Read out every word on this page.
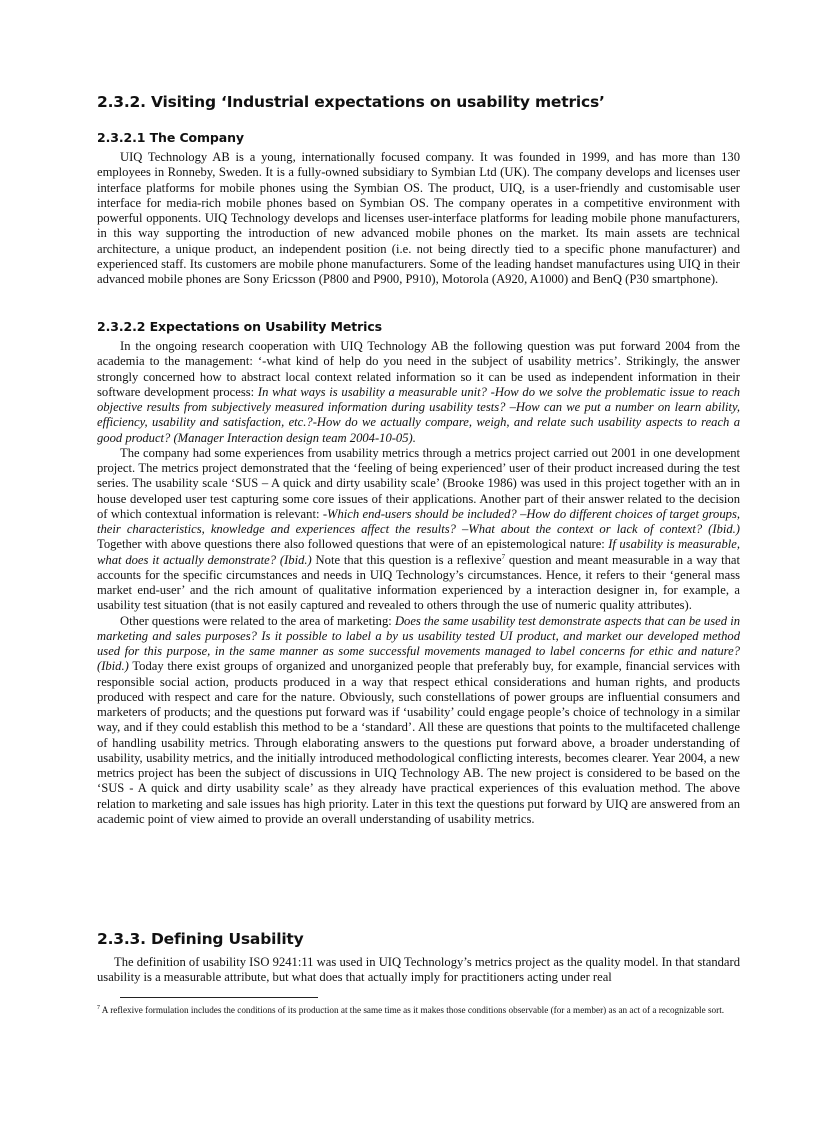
2.3.2. Visiting ‘Industrial expectations on usability metrics’
2.3.2.1 The Company

UIQ Technology AB is a young, internationally focused company. It was founded in 1999, and has more than 130 employees in Ronneby, Sweden. It is a fully-owned subsidiary to Symbian Ltd (UK). The company develops and licenses user interface platforms for mobile phones using the Symbian OS. The product, UIQ, is a user-friendly and customisable user interface for media-rich mobile phones based on Symbian OS. The company operates in a competitive environment with powerful opponents. UIQ Technology develops and licenses user-interface platforms for leading mobile phone manufacturers, in this way supporting the introduction of new advanced mobile phones on the market. Its main assets are technical architecture, a unique product, an independent position (i.e. not being directly tied to a specific phone manufacturer) and experienced staff. Its customers are mobile phone manufacturers. Some of the leading handset manufactures using UIQ in their advanced mobile phones are Sony Ericsson (P800 and P900, P910), Motorola (A920, A1000) and BenQ (P30 smartphone).

2.3.2.2 Expectations on Usability Metrics

In the ongoing research cooperation with UIQ Technology AB the following question was put forward 2004 from the academia to the management: ‘-what kind of help do you need in the subject of usability metrics’. Strikingly, the answer strongly concerned how to abstract local context related information so it can be used as independent information in their software development process: In what ways is usability a measurable unit? -How do we solve the problematic issue to reach objective results from subjectively measured information during usability tests? –How can we put a number on learn ability, efficiency, usability and satisfaction, etc.?-How do we actually compare, weigh, and relate such usability aspects to reach a good product? (Manager Interaction design team 2004-10-05).

The company had some experiences from usability metrics through a metrics project carried out 2001 in one development project. The metrics project demonstrated that the ‘feeling of being experienced’ user of their product increased during the test series. The usability scale ‘SUS – A quick and dirty usability scale’ (Brooke 1986) was used in this project together with an in house developed user test capturing some core issues of their applications. Another part of their answer related to the decision of which contextual information is relevant: -Which end-users should be included? –How do different choices of target groups, their characteristics, knowledge and experiences affect the results? –What about the context or lack of context? (Ibid.) Together with above questions there also followed questions that were of an epistemological nature: If usability is measurable, what does it actually demonstrate? (Ibid.) Note that this question is a reflexive$^7$ question and meant measurable in a way that accounts for the specific circumstances and needs in UIQ Technology’s circumstances. Hence, it refers to their ‘general mass market end-user’ and the rich amount of qualitative information experienced by a interaction designer in, for example, a usability test situation (that is not easily captured and revealed to others through the use of numeric quality attributes).

Other questions were related to the area of marketing: Does the same usability test demonstrate aspects that can be used in marketing and sales purposes? Is it possible to label a by us usability tested UI product, and market our developed method used for this purpose, in the same manner as some successful movements managed to label concerns for ethic and nature? (Ibid.) Today there exist groups of organized and unorganized people that preferably buy, for example, financial services with responsible social action, products produced in a way that respect ethical considerations and human rights, and products produced with respect and care for the nature. Obviously, such constellations of power groups are influential consumers and marketers of products; and the questions put forward was if ‘usability’ could engage people’s choice of technology in a similar way, and if they could establish this method to be a ‘standard’. All these are questions that points to the multifaceted challenge of handling usability metrics. Through elaborating answers to the questions put forward above, a broader understanding of usability, usability metrics, and the initially introduced methodological conflicting interests, becomes clearer. Year 2004, a new metrics project has been the subject of discussions in UIQ Technology AB. The new project is considered to be based on the ‘SUS - A quick and dirty usability scale’ as they already have practical experiences of this evaluation method. The above relation to marketing and sale issues has high priority. Later in this text the questions put forward by UIQ are answered from an academic point of view aimed to provide an overall understanding of usability metrics.

2.3.3. Defining Usability

The definition of usability ISO 9241:11 was used in UIQ Technology’s metrics project as the quality model. In that standard usability is a measurable attribute, but what does that actually imply for practitioners acting under real

$^7$ A reflexive formulation includes the conditions of its production at the same time as it makes those conditions observable (for a member) as an act of a recognizable sort.
